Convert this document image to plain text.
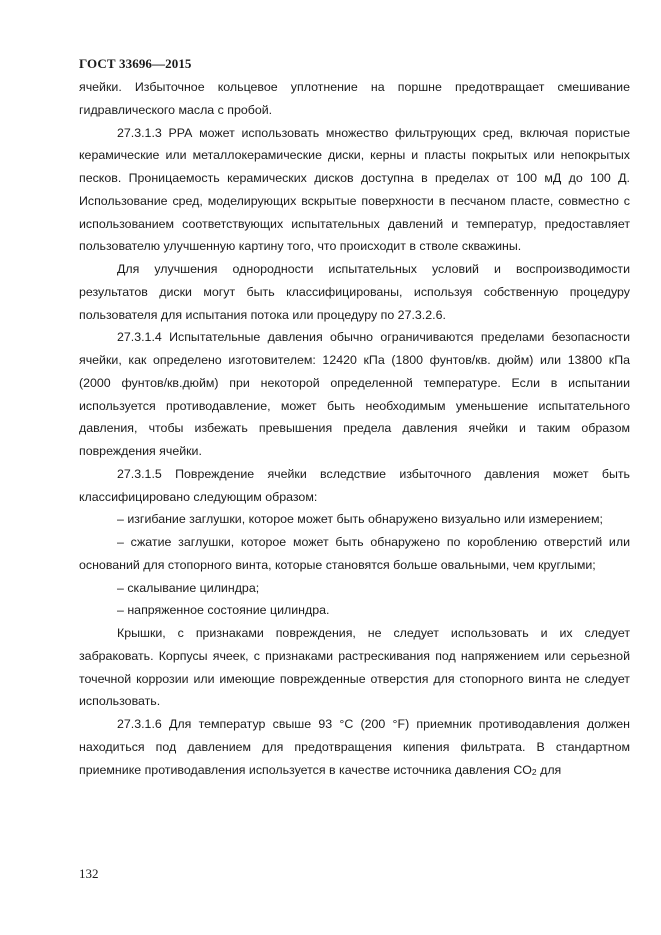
ГОСТ 33696—2015

ячейки. Избыточное кольцевое уплотнение на поршне предотвращает смешивание гидравлического масла с пробой.

27.3.1.3 РРА может использовать множество фильтрующих сред, включая пористые керамические или металлокерамические диски, керны и пласты покрытых или непокрытых песков. Проницаемость керамических дисков доступна в пределах от 100 мД до 100 Д. Использование сред, моделирующих вскрытые поверхности в песчаном пласте, совместно с использованием соответствующих испытательных давлений и температур, предоставляет пользователю улучшенную картину того, что происходит в стволе скважины.

Для улучшения однородности испытательных условий и воспроизводимости результатов диски могут быть классифицированы, используя собственную процедуру пользователя для испытания потока или процедуру по 27.3.2.6.

27.3.1.4 Испытательные давления обычно ограничиваются пределами безопасности ячейки, как определено изготовителем: 12420 кПа (1800 фунтов/кв. дюйм) или 13800 кПа (2000 фунтов/кв.дюйм) при некоторой определенной температуре. Если в испытании используется противодавление, может быть необходимым уменьшение испытательного давления, чтобы избежать превышения предела давления ячейки и таким образом повреждения ячейки.

27.3.1.5 Повреждение ячейки вследствие избыточного давления может быть классифицировано следующим образом:

– изгибание заглушки, которое может быть обнаружено визуально или измерением;

– сжатие заглушки, которое может быть обнаружено по короблению отверстий или оснований для стопорного винта, которые становятся больше овальными, чем круглыми;

– скалывание цилиндра;

– напряженное состояние цилиндра.

Крышки, с признаками повреждения, не следует использовать и их следует забраковать. Корпусы ячеек, с признаками растрескивания под напряжением или серьезной точечной коррозии или имеющие поврежденные отверстия для стопорного винта не следует использовать.

27.3.1.6 Для температур свыше 93 °C (200 °F) приемник противодавления должен находиться под давлением для предотвращения кипения фильтрата. В стандартном приемнике противодавления используется в качестве источника давления $CO_2$ для

132
